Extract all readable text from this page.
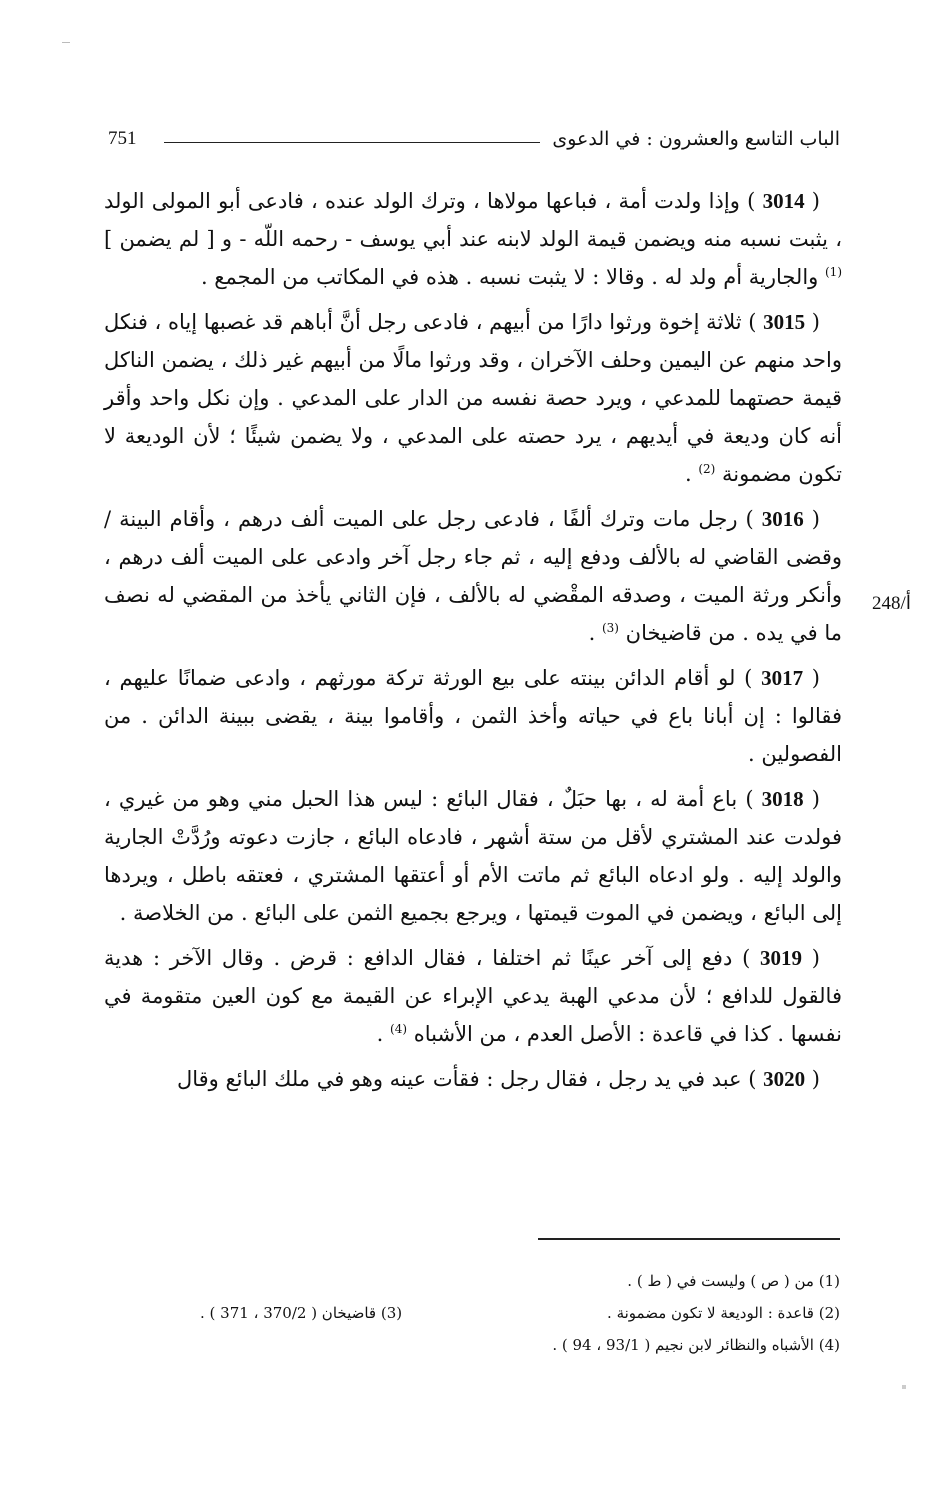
الباب التاسع والعشرون : في الدعوى
751
248/أ

( 3014 ) وإذا ولدت أمة ، فباعها مولاها ، وترك الولد عنده ، فادعى أبو المولى الولد ، يثبت نسبه منه ويضمن قيمة الولد لابنه عند أبي يوسف - رحمه اللّه - و [ لم يضمن ] $^{(1)}$ والجارية أم ولد له . وقالا : لا يثبت نسبه . هذه في المكاتب من المجمع .

( 3015 ) ثلاثة إخوة ورثوا دارًا من أبيهم ، فادعى رجل أنَّ أباهم قد غصبها إياه ، فنكل واحد منهم عن اليمين وحلف الآخران ، وقد ورثوا مالًا من أبيهم غير ذلك ، يضمن الناكل قيمة حصتهما للمدعي ، ويرد حصة نفسه من الدار على المدعي . وإن نكل واحد وأقر أنه كان وديعة في أيديهم ، يرد حصته على المدعي ، ولا يضمن شيئًا ؛ لأن الوديعة لا تكون مضمونة $^{(2)}$ .

( 3016 ) رجل مات وترك ألفًا ، فادعى رجل على الميت ألف درهم ، وأقام البينة / وقضى القاضي له بالألف ودفع إليه ، ثم جاء رجل آخر وادعى على الميت ألف درهم ، وأنكر ورثة الميت ، وصدقه المقْضي له بالألف ، فإن الثاني يأخذ من المقضي له نصف ما في يده . من قاضيخان $^{(3)}$ .

( 3017 ) لو أقام الدائن بينته على بيع الورثة تركة مورثهم ، وادعى ضمانًا عليهم ، فقالوا : إن أبانا باع في حياته وأخذ الثمن ، وأقاموا بينة ، يقضى ببينة الدائن . من الفصولين .

( 3018 ) باع أمة له ، بها حبَلٌ ، فقال البائع : ليس هذا الحبل مني وهو من غيري ، فولدت عند المشتري لأقل من ستة أشهر ، فادعاه البائع ، جازت دعوته ورُدَّتْ الجارية والولد إليه . ولو ادعاه البائع ثم ماتت الأم أو أعتقها المشتري ، فعتقه باطل ، ويردها إلى البائع ، ويضمن في الموت قيمتها ، ويرجع بجميع الثمن على البائع . من الخلاصة .

( 3019 ) دفع إلى آخر عينًا ثم اختلفا ، فقال الدافع : قرض . وقال الآخر : هدية فالقول للدافع ؛ لأن مدعي الهبة يدعي الإبراء عن القيمة مع كون العين متقومة في نفسها . كذا في قاعدة : الأصل العدم ، من الأشباه $^{(4)}$ .

( 3020 ) عبد في يد رجل ، فقال رجل : فقأت عينه وهو في ملك البائع وقال

(1) من ( ص ) وليست في ( ط ) .
(2) قاعدة : الوديعة لا تكون مضمونة .
(3) قاضيخان ( 370/2 ، 371 ) .
(4) الأشباه والنظائر لابن نجيم ( 93/1 ، 94 ) .
